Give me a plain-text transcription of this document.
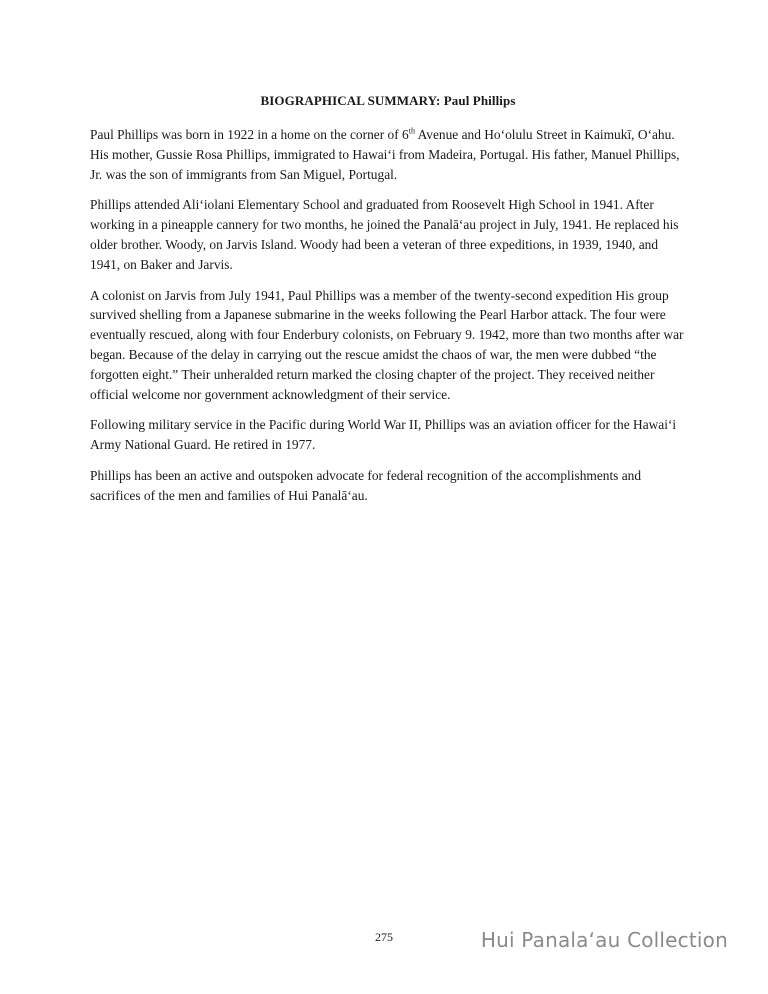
BIOGRAPHICAL SUMMARY: Paul Phillips

Paul Phillips was born in 1922 in a home on the corner of 6th Avenue and Ho‘olulu Street in Kaimukī, O‘ahu. His mother, Gussie Rosa Phillips, immigrated to Hawai‘i from Madeira, Portugal. His father, Manuel Phillips, Jr. was the son of immigrants from San Miguel, Portugal.

Phillips attended Ali‘iolani Elementary School and graduated from Roosevelt High School in 1941. After working in a pineapple cannery for two months, he joined the Panalā‘au project in July, 1941. He replaced his older brother. Woody, on Jarvis Island. Woody had been a veteran of three expeditions, in 1939, 1940, and 1941, on Baker and Jarvis.

A colonist on Jarvis from July 1941, Paul Phillips was a member of the twenty-second expedition His group survived shelling from a Japanese submarine in the weeks following the Pearl Harbor attack. The four were eventually rescued, along with four Enderbury colonists, on February 9. 1942, more than two months after war began. Because of the delay in carrying out the rescue amidst the chaos of war, the men were dubbed “the forgotten eight.” Their unheralded return marked the closing chapter of the project. They received neither official welcome nor government acknowledgment of their service.

Following military service in the Pacific during World War II, Phillips was an aviation officer for the Hawai‘i Army National Guard. He retired in 1977.

Phillips has been an active and outspoken advocate for federal recognition of the accomplishments and sacrifices of the men and families of Hui Panalā‘au.

275	Hui Panala‘au Collection
